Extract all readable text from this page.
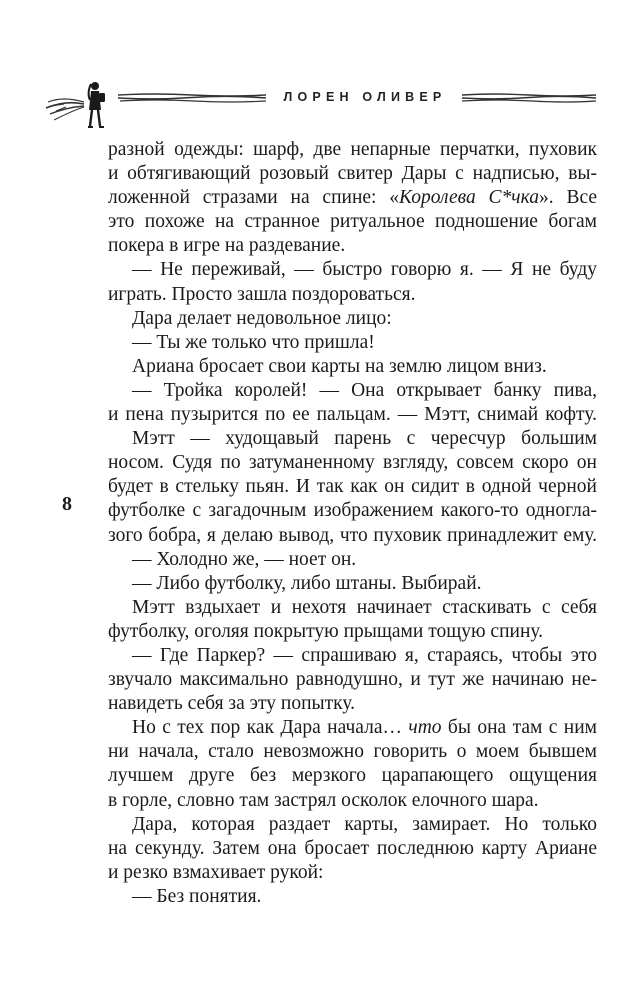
ЛОРЕН ОЛИВЕР
8
разной одежды: шарф, две непарные перчатки, пуховик
и обтягивающий розовый свитер Дары с надписью, вы-
ложенной стразами на спине: «Королева С*чка». Все
это похоже на странное ритуальное подношение богам
покера в игре на раздевание.
— Не переживай, — быстро говорю я. — Я не буду
играть. Просто зашла поздороваться.
Дара делает недовольное лицо:
— Ты же только что пришла!
Ариана бросает свои карты на землю лицом вниз.
— Тройка королей! — Она открывает банку пива,
и пена пузырится по ее пальцам. — Мэтт, снимай кофту.
Мэтт — худощавый парень с чересчур большим
носом. Судя по затуманенному взгляду, совсем скоро он
будет в стельку пьян. И так как он сидит в одной черной
футболке с загадочным изображением какого-то одногла-
зого бобра, я делаю вывод, что пуховик принадлежит ему.
— Холодно же, — ноет он.
— Либо футболку, либо штаны. Выбирай.
Мэтт вздыхает и нехотя начинает стаскивать с себя
футболку, оголяя покрытую прыщами тощую спину.
— Где Паркер? — спрашиваю я, стараясь, чтобы это
звучало максимально равнодушно, и тут же начинаю не-
навидеть себя за эту попытку.
Но с тех пор как Дара начала… что бы она там с ним
ни начала, стало невозможно говорить о моем бывшем
лучшем друге без мерзкого царапающего ощущения
в горле, словно там застрял осколок елочного шара.
Дара, которая раздает карты, замирает. Но только
на секунду. Затем она бросает последнюю карту Ариане
и резко взмахивает рукой:
— Без понятия.
